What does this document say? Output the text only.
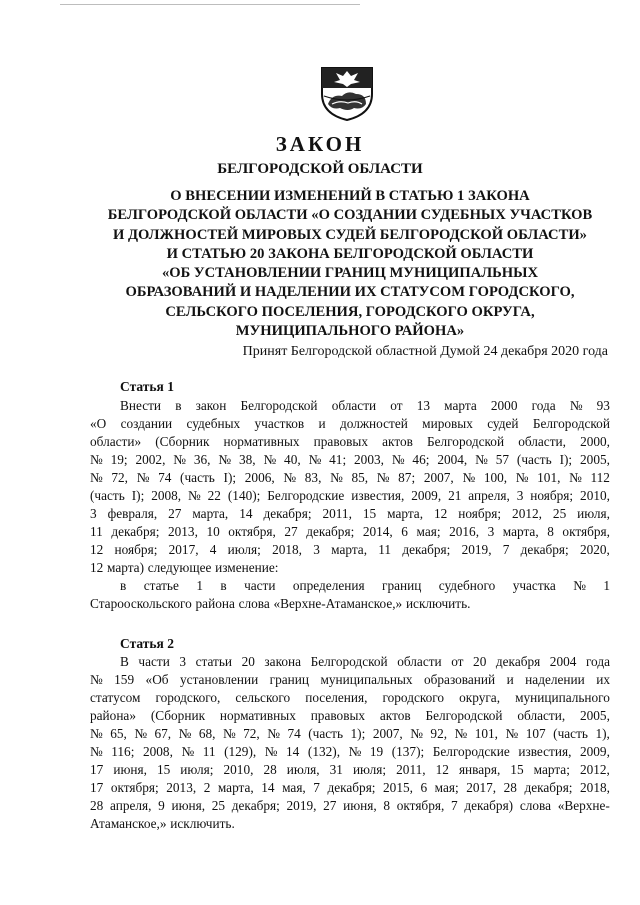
ЗАКОН
БЕЛГОРОДСКОЙ ОБЛАСТИ
О ВНЕСЕНИИ ИЗМЕНЕНИЙ В СТАТЬЮ 1 ЗАКОНА
БЕЛГОРОДСКОЙ ОБЛАСТИ «О СОЗДАНИИ СУДЕБНЫХ УЧАСТКОВ
И ДОЛЖНОСТЕЙ МИРОВЫХ СУДЕЙ БЕЛГОРОДСКОЙ ОБЛАСТИ»
И СТАТЬЮ 20 ЗАКОНА БЕЛГОРОДСКОЙ ОБЛАСТИ
«ОБ УСТАНОВЛЕНИИ ГРАНИЦ МУНИЦИПАЛЬНЫХ
ОБРАЗОВАНИЙ И НАДЕЛЕНИИ ИХ СТАТУСОМ ГОРОДСКОГО,
СЕЛЬСКОГО ПОСЕЛЕНИЯ, ГОРОДСКОГО ОКРУГА,
МУНИЦИПАЛЬНОГО РАЙОНА»
Принят Белгородской областной Думой 24 декабря 2020 года
Статья 1
Внести в закон Белгородской области от 13 марта 2000 года № 93
«О создании судебных участков и должностей мировых судей Белгородской
области» (Сборник нормативных правовых актов Белгородской области, 2000,
№ 19; 2002, № 36, № 38, № 40, № 41; 2003, № 46; 2004, № 57 (часть I); 2005,
№ 72, № 74 (часть I); 2006, № 83, № 85, № 87; 2007, № 100, № 101, № 112
(часть I); 2008, № 22 (140); Белгородские известия, 2009, 21 апреля, 3 ноября; 2010,
3 февраля, 27 марта, 14 декабря; 2011, 15 марта, 12 ноября; 2012, 25 июля,
11 декабря; 2013, 10 октября, 27 декабря; 2014, 6 мая; 2016, 3 марта, 8 октября,
12 ноября; 2017, 4 июля; 2018, 3 марта, 11 декабря; 2019, 7 декабря; 2020,
12 марта) следующее изменение:
в статье 1 в части определения границ судебного участка № 1
Старооскольского района слова «Верхне-Атаманское,» исключить.
Статья 2
В части 3 статьи 20 закона Белгородской области от 20 декабря 2004 года
№ 159 «Об установлении границ муниципальных образований и наделении их
статусом городского, сельского поселения, городского округа, муниципального
района» (Сборник нормативных правовых актов Белгородской области, 2005,
№ 65, № 67, № 68, № 72, № 74 (часть 1); 2007, № 92, № 101, № 107 (часть 1),
№ 116; 2008, № 11 (129), № 14 (132), № 19 (137); Белгородские известия, 2009,
17 июня, 15 июля; 2010, 28 июля, 31 июля; 2011, 12 января, 15 марта; 2012,
17 октября; 2013, 2 марта, 14 мая, 7 декабря; 2015, 6 мая; 2017, 28 декабря; 2018,
28 апреля, 9 июня, 25 декабря; 2019, 27 июня, 8 октября, 7 декабря) слова «Верхне-
Атаманское,» исключить.
